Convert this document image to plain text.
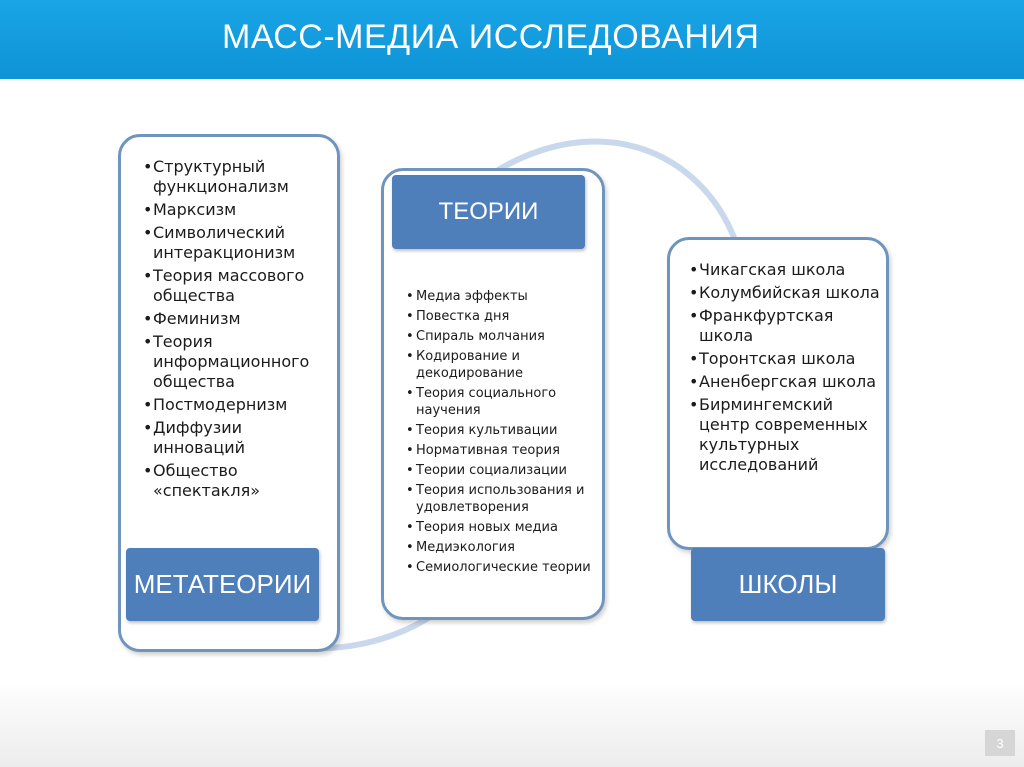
МАСС-МЕДИА ИССЛЕДОВАНИЯ
• Структурный функционализм
• Марксизм
• Символический интеракционизм
• Теория массового общества
• Феминизм
• Теория информационного общества
• Постмодернизм
• Диффузии инноваций
• Общество «спектакля»
МЕТАТЕОРИИ
• Медиа эффекты
• Повестка дня
• Спираль молчания
• Кодирование и декодирование
• Теория социального научения
• Теория культивации
• Нормативная теория
• Теории социализации
• Теория использования и удовлетворения
• Теория новых медиа
• Медиэкология
• Семиологические теории
ТЕОРИИ
• Чикагская школа
• Колумбийская школа
• Франкфуртская школа
• Торонтская школа
• Аненбергская школа
• Бирмингемский центр современных культурных исследований
ШКОЛЫ
3
